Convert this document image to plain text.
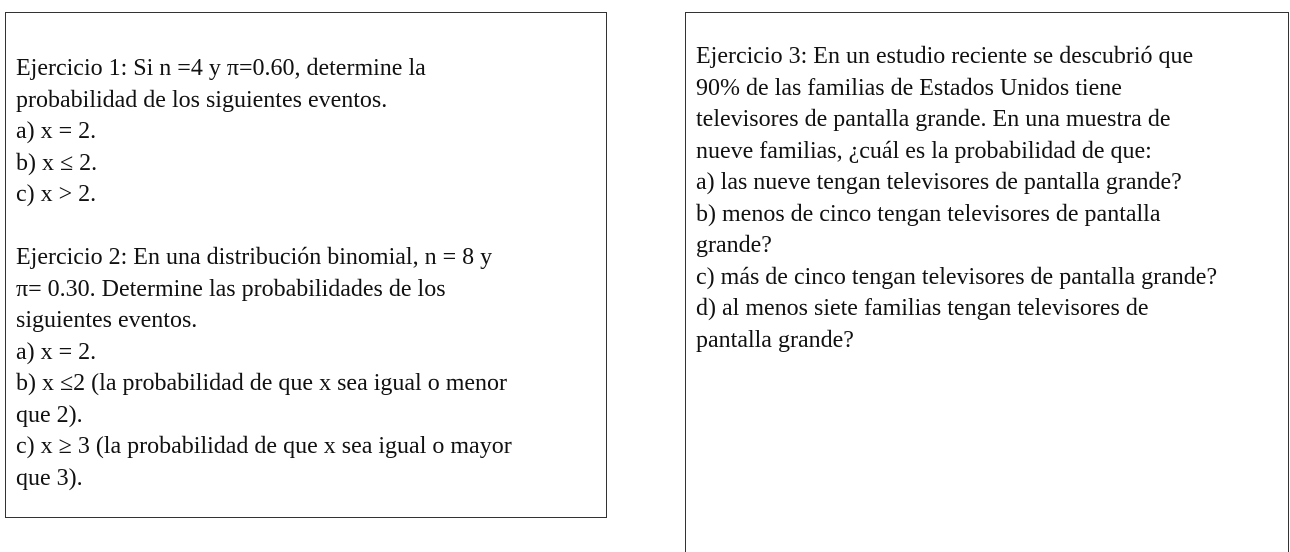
Ejercicio 1: Si n =4 y π=0.60, determine la
probabilidad de los siguientes eventos.
a) x = 2.
b) x ≤ 2.
c) x > 2.
Ejercicio 2: En una distribución binomial, n = 8 y
π= 0.30. Determine las probabilidades de los
siguientes eventos.
a) x = 2.
b) x ≤2 (la probabilidad de que x sea igual o menor
que 2).
c) x ≥ 3 (la probabilidad de que x sea igual o mayor
que 3).
Ejercicio 3: En un estudio reciente se descubrió que
90% de las familias de Estados Unidos tiene
televisores de pantalla grande. En una muestra de
nueve familias, ¿cuál es la probabilidad de que:
a) las nueve tengan televisores de pantalla grande?
b) menos de cinco tengan televisores de pantalla
grande?
c) más de cinco tengan televisores de pantalla grande?
d) al menos siete familias tengan televisores de
pantalla grande?
